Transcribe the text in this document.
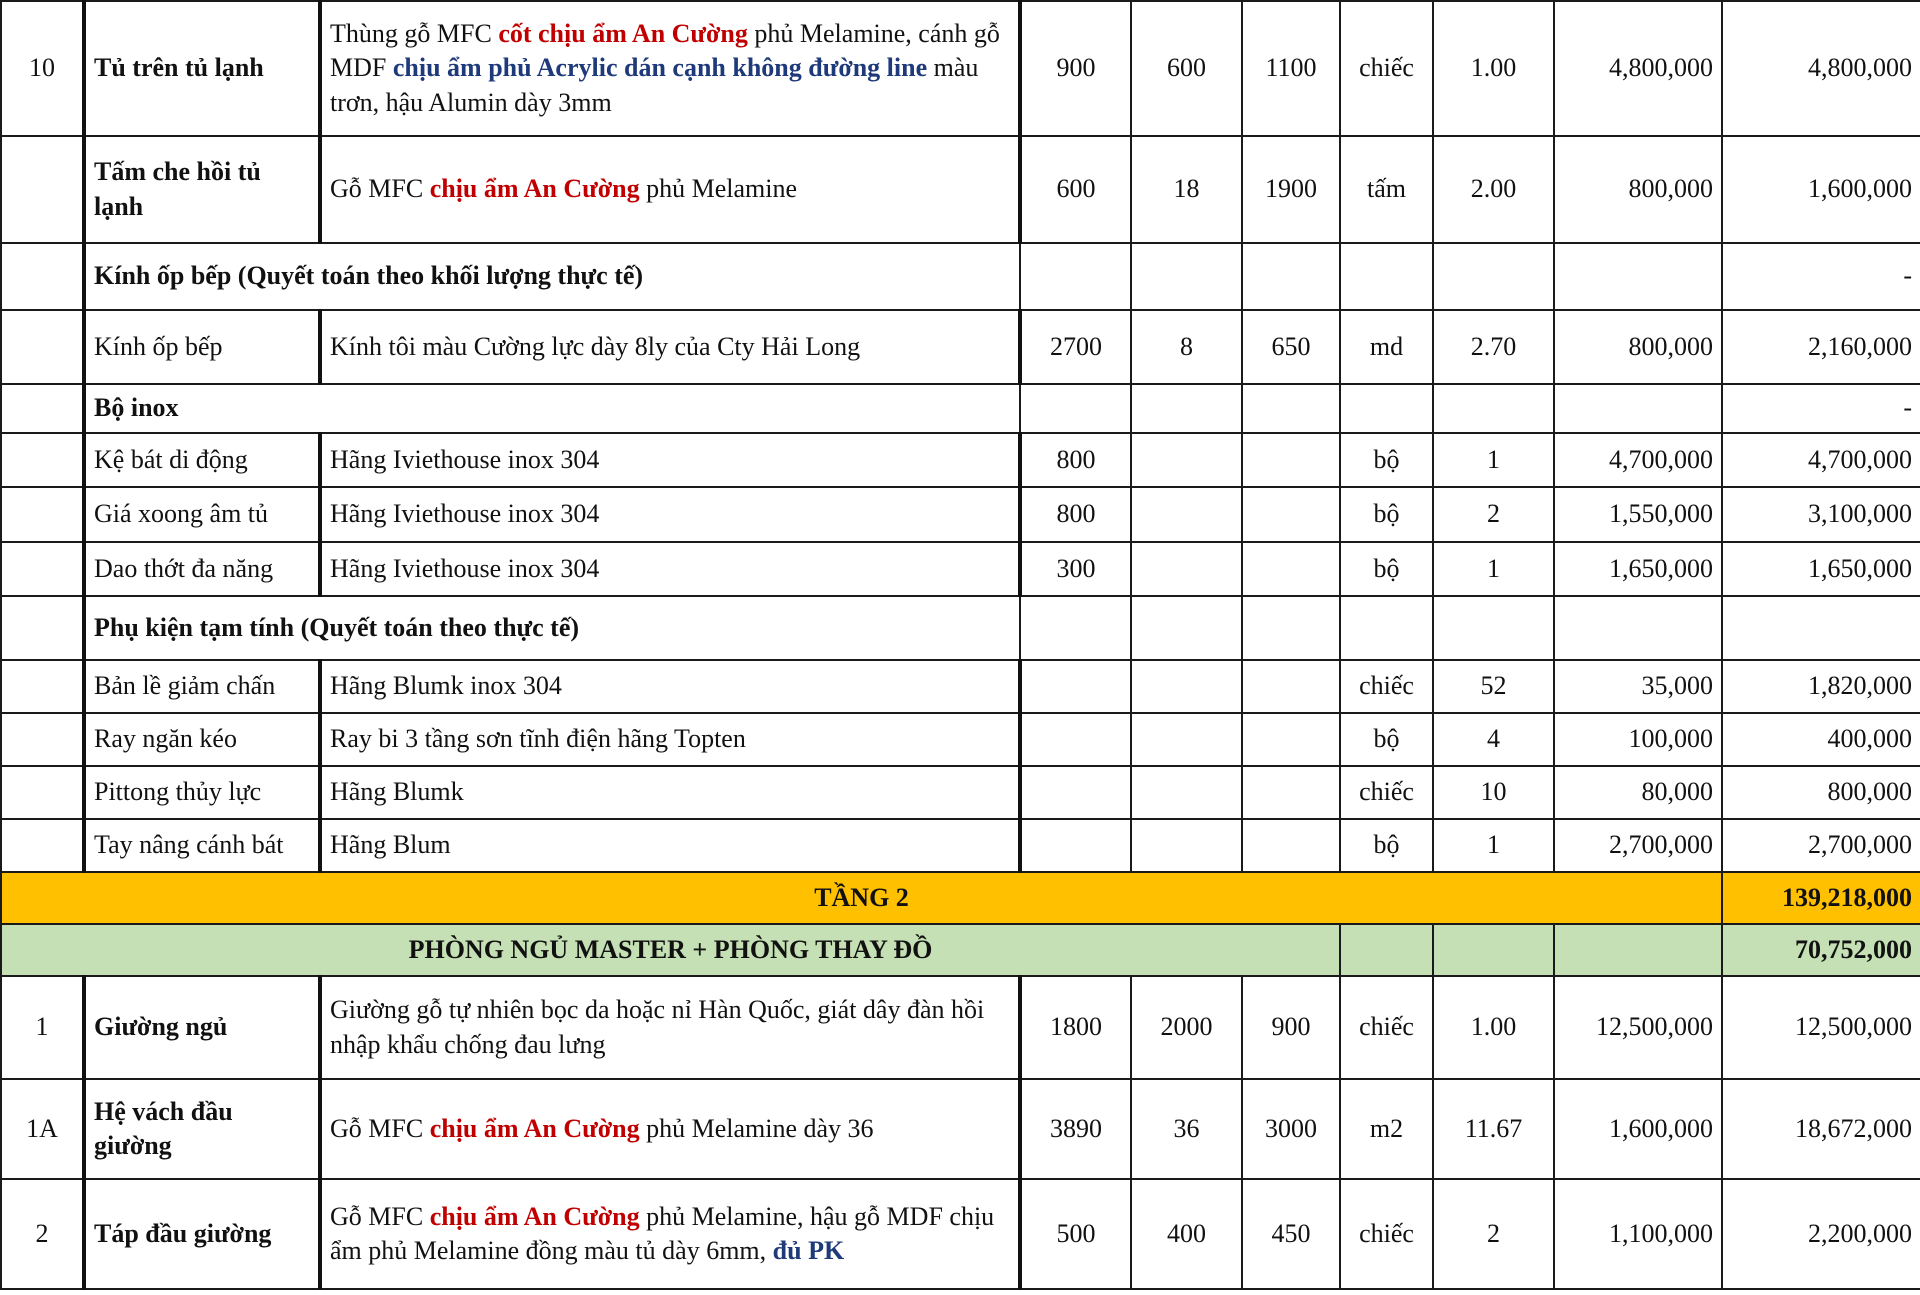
10	Tủ trên tủ lạnh	Thùng gỗ MFC cốt chịu ẩm An Cường phủ Melamine, cánh gỗ MDF chịu ẩm phủ Acrylic dán cạnh không đường line màu trơn, hậu Alumin dày 3mm	900	600	1100	chiếc	1.00	4,800,000	4,800,000
	Tấm che hồi tủ lạnh	Gỗ MFC chịu ẩm An Cường phủ Melamine	600	18	1900	tấm	2.00	800,000	1,600,000
	Kính ốp bếp (Quyết toán theo khối lượng thực tế)								-
	Kính ốp bếp	Kính tôi màu Cường lực dày 8ly của Cty Hải Long	2700	8	650	md	2.70	800,000	2,160,000
	Bộ inox								-
	Kệ bát di động	Hãng Iviethouse inox 304	800			bộ	1	4,700,000	4,700,000
	Giá xoong âm tủ	Hãng Iviethouse inox 304	800			bộ	2	1,550,000	3,100,000
	Dao thớt đa năng	Hãng Iviethouse inox 304	300			bộ	1	1,650,000	1,650,000
	Phụ kiện tạm tính (Quyết toán theo thực tế)								
	Bản lề giảm chấn	Hãng Blumk inox 304				chiếc	52	35,000	1,820,000
	Ray ngăn kéo	Ray bi 3 tầng sơn tĩnh điện hãng Topten				bộ	4	100,000	400,000
	Pittong thủy lực	Hãng Blumk				chiếc	10	80,000	800,000
	Tay nâng cánh bát	Hãng Blum				bộ	1	2,700,000	2,700,000
TẦNG 2									139,218,000
PHÒNG NGỦ MASTER + PHÒNG THAY ĐỒ									70,752,000
1	Giường ngủ	Giường gỗ tự nhiên bọc da hoặc nỉ Hàn Quốc, giát dây đàn hồi nhập khẩu chống đau lưng	1800	2000	900	chiếc	1.00	12,500,000	12,500,000
1A	Hệ vách đầu giường	Gỗ MFC chịu ẩm An Cường phủ Melamine dày 36	3890	36	3000	m2	11.67	1,600,000	18,672,000
2	Táp đầu giường	Gỗ MFC chịu ẩm An Cường phủ Melamine, hậu gỗ MDF chịu ẩm phủ Melamine đồng màu tủ dày 6mm, đủ PK	500	400	450	chiếc	2	1,100,000	2,200,000
